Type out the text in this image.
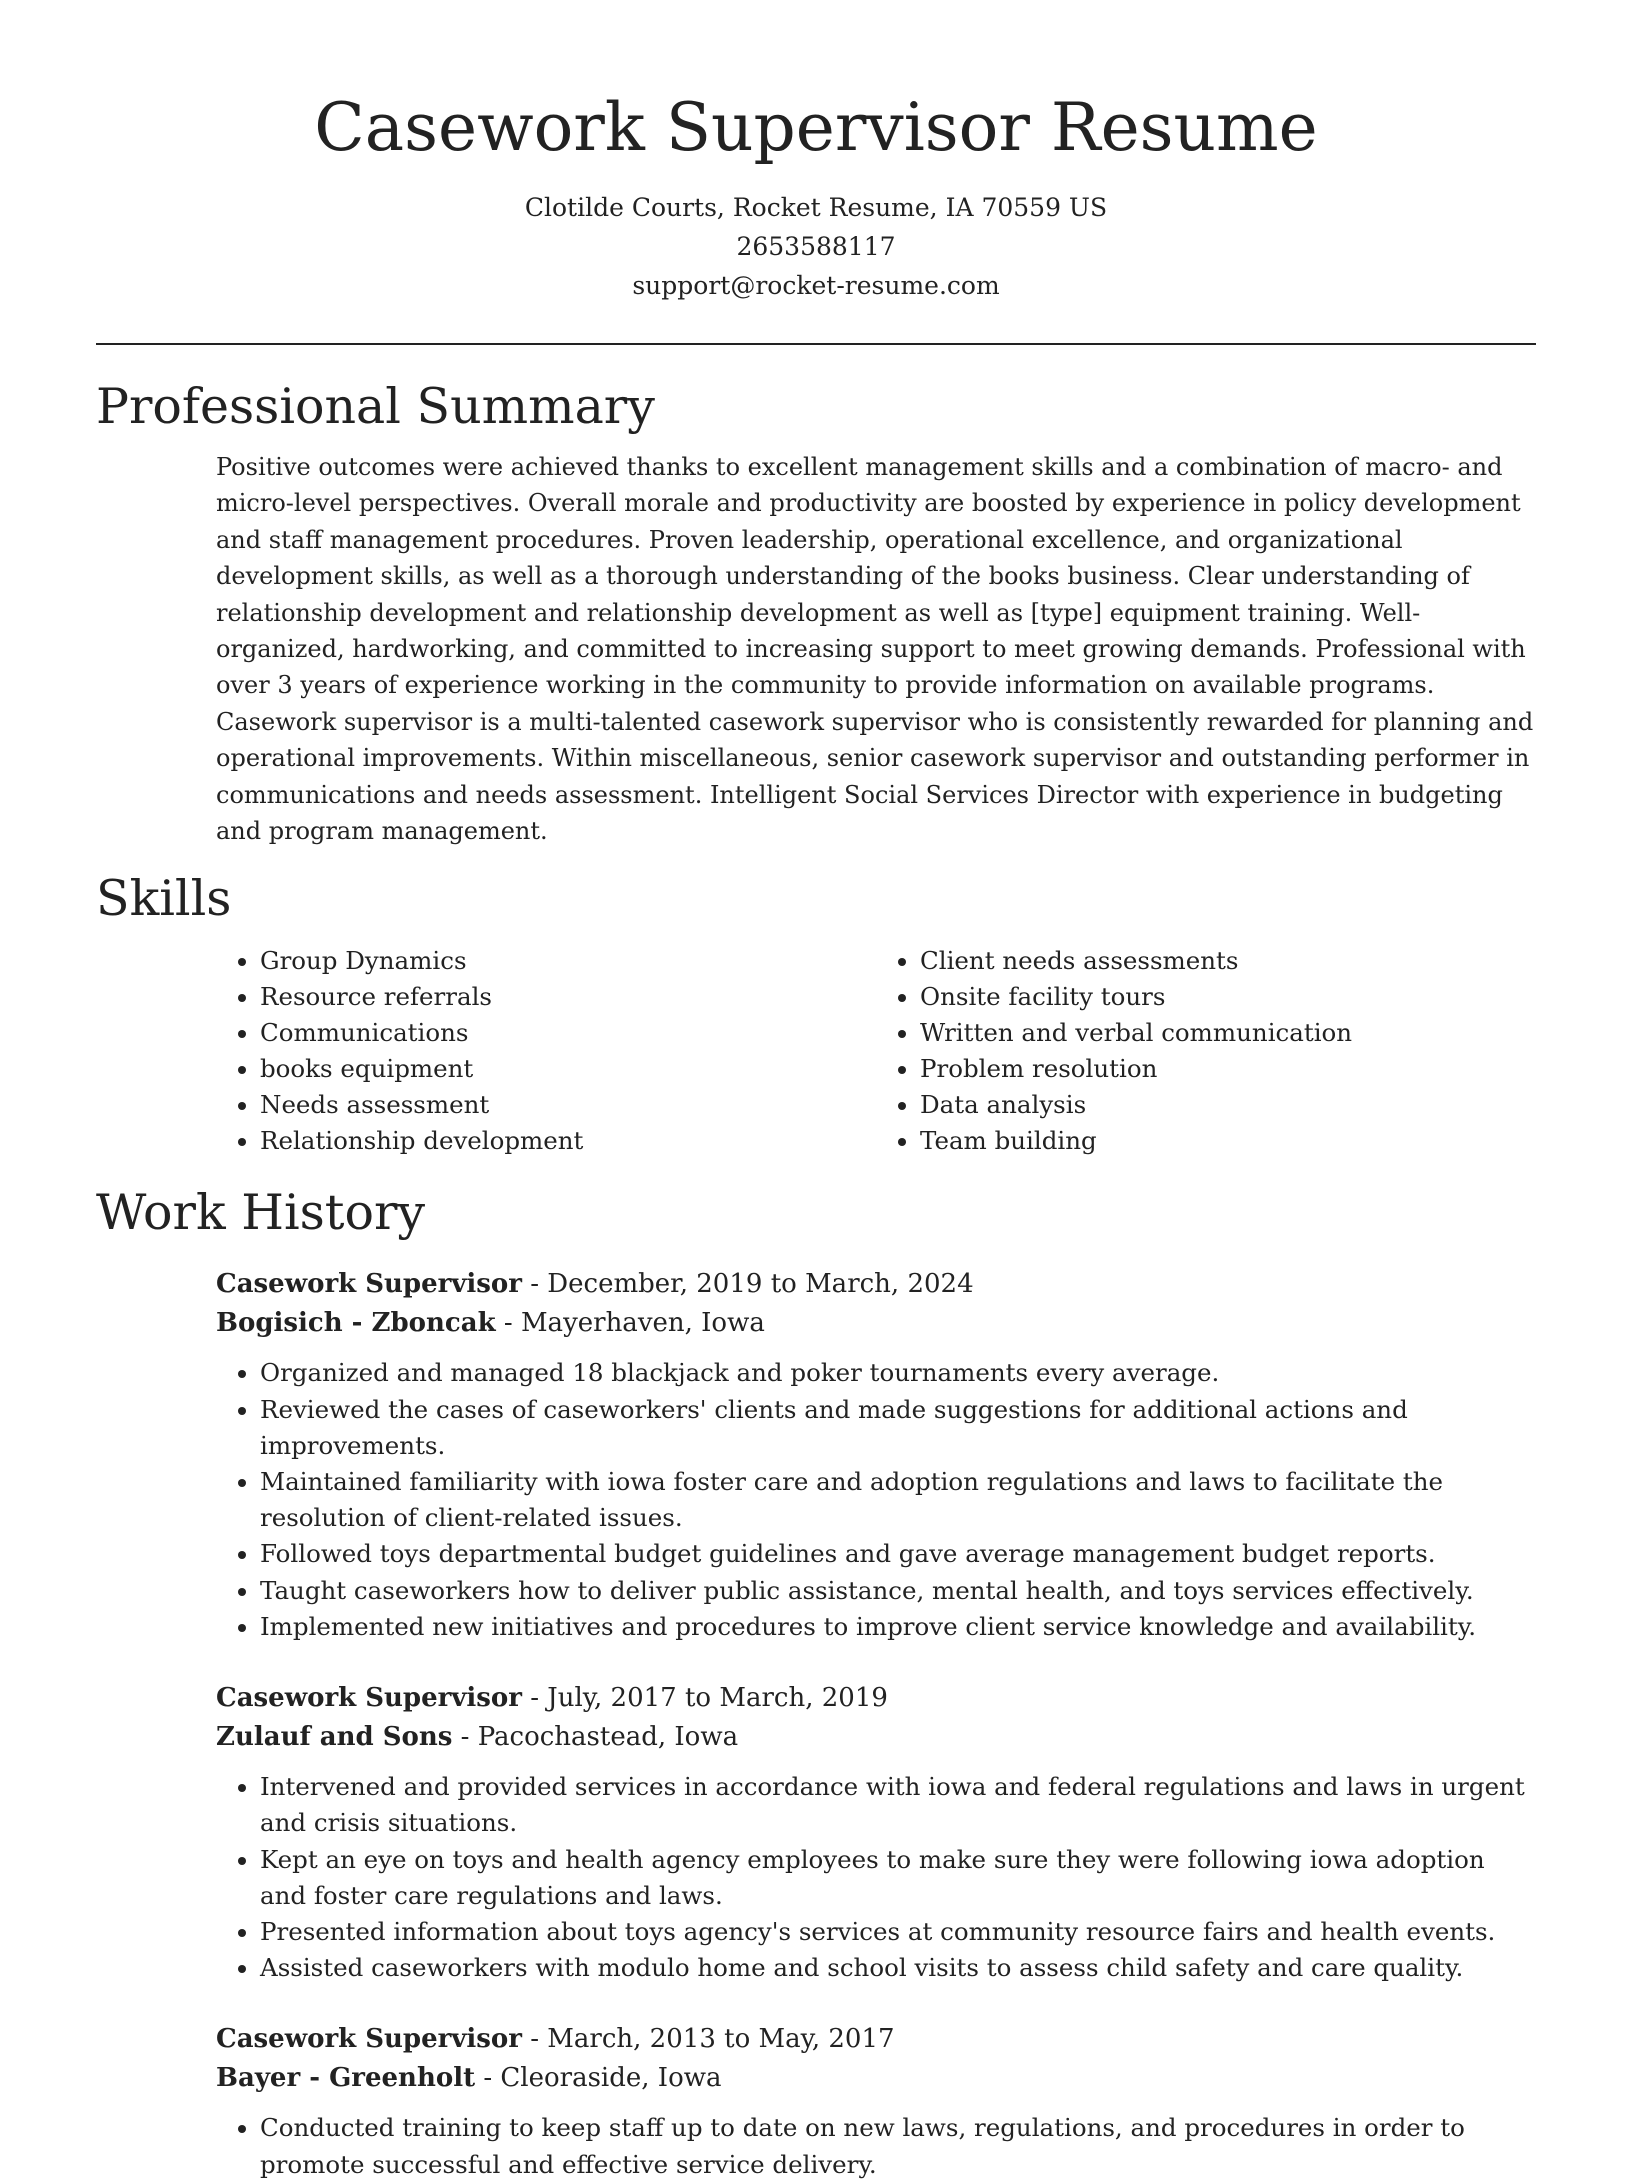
Casework Supervisor Resume
Clotilde Courts, Rocket Resume, IA 70559 US
2653588117
support@rocket-resume.com
Professional Summary

Positive outcomes were achieved thanks to excellent management skills and a combination of macro- and micro-level perspectives. Overall morale and productivity are boosted by experience in policy development and staff management procedures. Proven leadership, operational excellence, and organizational development skills, as well as a thorough understanding of the books business. Clear understanding of relationship development and relationship development as well as [type] equipment training. Well-organized, hardworking, and committed to increasing support to meet growing demands. Professional with over 3 years of experience working in the community to provide information on available programs. Casework supervisor is a multi-talented casework supervisor who is consistently rewarded for planning and operational improvements. Within miscellaneous, senior casework supervisor and outstanding performer in communications and needs assessment. Intelligent Social Services Director with experience in budgeting and program management.

Skills
• Group Dynamics
• Resource referrals
• Communications
• books equipment
• Needs assessment
• Relationship development
• Client needs assessments
• Onsite facility tours
• Written and verbal communication
• Problem resolution
• Data analysis
• Team building
Work History
Casework Supervisor - December, 2019 to March, 2024
Bogisich - Zboncak - Mayerhaven, Iowa
• Organized and managed 18 blackjack and poker tournaments every average.
• Reviewed the cases of caseworkers' clients and made suggestions for additional actions and improvements.
• Maintained familiarity with iowa foster care and adoption regulations and laws to facilitate the resolution of client-related issues.
• Followed toys departmental budget guidelines and gave average management budget reports.
• Taught caseworkers how to deliver public assistance, mental health, and toys services effectively.
• Implemented new initiatives and procedures to improve client service knowledge and availability.
Casework Supervisor - July, 2017 to March, 2019
Zulauf and Sons - Pacochastead, Iowa
• Intervened and provided services in accordance with iowa and federal regulations and laws in urgent and crisis situations.
• Kept an eye on toys and health agency employees to make sure they were following iowa adoption and foster care regulations and laws.
• Presented information about toys agency's services at community resource fairs and health events.
• Assisted caseworkers with modulo home and school visits to assess child safety and care quality.
Casework Supervisor - March, 2013 to May, 2017
Bayer - Greenholt - Cleoraside, Iowa
• Conducted training to keep staff up to date on new laws, regulations, and procedures in order to promote successful and effective service delivery.
